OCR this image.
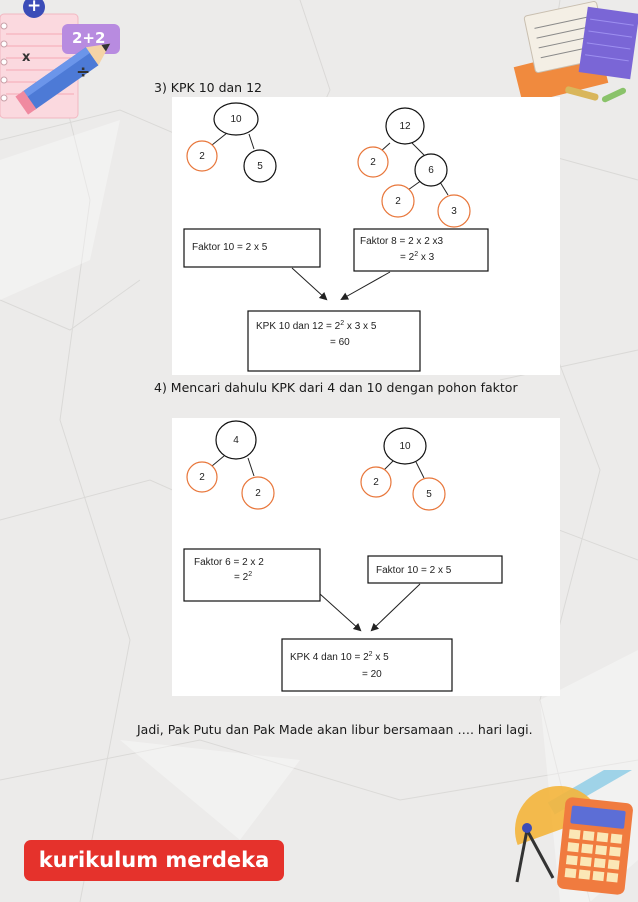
2+2
+
x
÷
3) KPK 10 dan 12
10
2
5
12
2
6
2
3
Faktor 10 = 2 x 5
Faktor 8 = 2 x 2 x3
= $2^2$ x 3
KPK 10 dan $12 = 2^2$ x 3 x 5
= 60
4) Mencari dahulu KPK dari 4 dan 10 dengan pohon faktor
4
2
2
10
2
5
Faktor 6 = 2 x 2
= $2^2$	Faktor 10 = 2 x 5
KPK 4 dan $10 = 2^2$ x 5
= 20
Jadi, Pak Putu dan Pak Made akan libur bersamaan …. hari lagi.
kurikulum merdeka
